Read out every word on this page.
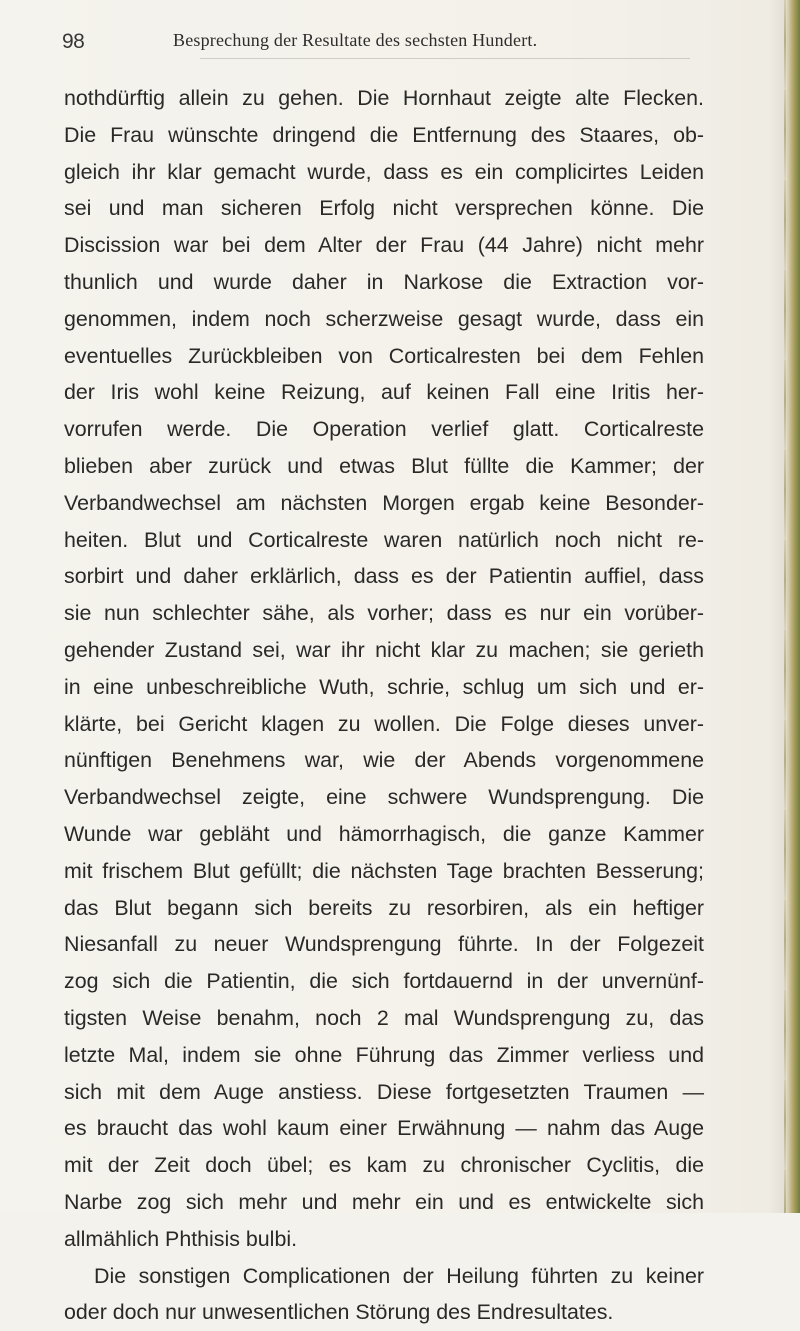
98	Besprechung der Resultate des sechsten Hundert.

nothdürftig allein zu gehen. Die Hornhaut zeigte alte Flecken.
Die Frau wünschte dringend die Entfernung des Staares, ob-
gleich ihr klar gemacht wurde, dass es ein complicirtes Leiden
sei und man sicheren Erfolg nicht versprechen könne. Die
Discission war bei dem Alter der Frau (44 Jahre) nicht mehr
thunlich und wurde daher in Narkose die Extraction vor-
genommen, indem noch scherzweise gesagt wurde, dass ein
eventuelles Zurückbleiben von Corticalresten bei dem Fehlen
der Iris wohl keine Reizung, auf keinen Fall eine Iritis her-
vorrufen werde. Die Operation verlief glatt. Corticalreste
blieben aber zurück und etwas Blut füllte die Kammer; der
Verbandwechsel am nächsten Morgen ergab keine Besonder-
heiten. Blut und Corticalreste waren natürlich noch nicht re-
sorbirt und daher erklärlich, dass es der Patientin auffiel, dass
sie nun schlechter sähe, als vorher; dass es nur ein vorüber-
gehender Zustand sei, war ihr nicht klar zu machen; sie gerieth
in eine unbeschreibliche Wuth, schrie, schlug um sich und er-
klärte, bei Gericht klagen zu wollen. Die Folge dieses unver-
nünftigen Benehmens war, wie der Abends vorgenommene
Verbandwechsel zeigte, eine schwere Wundsprengung. Die
Wunde war gebläht und hämorrhagisch, die ganze Kammer
mit frischem Blut gefüllt; die nächsten Tage brachten Besserung;
das Blut begann sich bereits zu resorbiren, als ein heftiger
Niesanfall zu neuer Wundsprengung führte. In der Folgezeit
zog sich die Patientin, die sich fortdauernd in der unvernünf-
tigsten Weise benahm, noch 2 mal Wundsprengung zu, das
letzte Mal, indem sie ohne Führung das Zimmer verliess und
sich mit dem Auge anstiess. Diese fortgesetzten Traumen —
es braucht das wohl kaum einer Erwähnung — nahm das Auge
mit der Zeit doch übel; es kam zu chronischer Cyclitis, die
Narbe zog sich mehr und mehr ein und es entwickelte sich
allmählich Phthisis bulbi.

Die sonstigen Complicationen der Heilung führten zu keiner
oder doch nur unwesentlichen Störung des Endresultates.
